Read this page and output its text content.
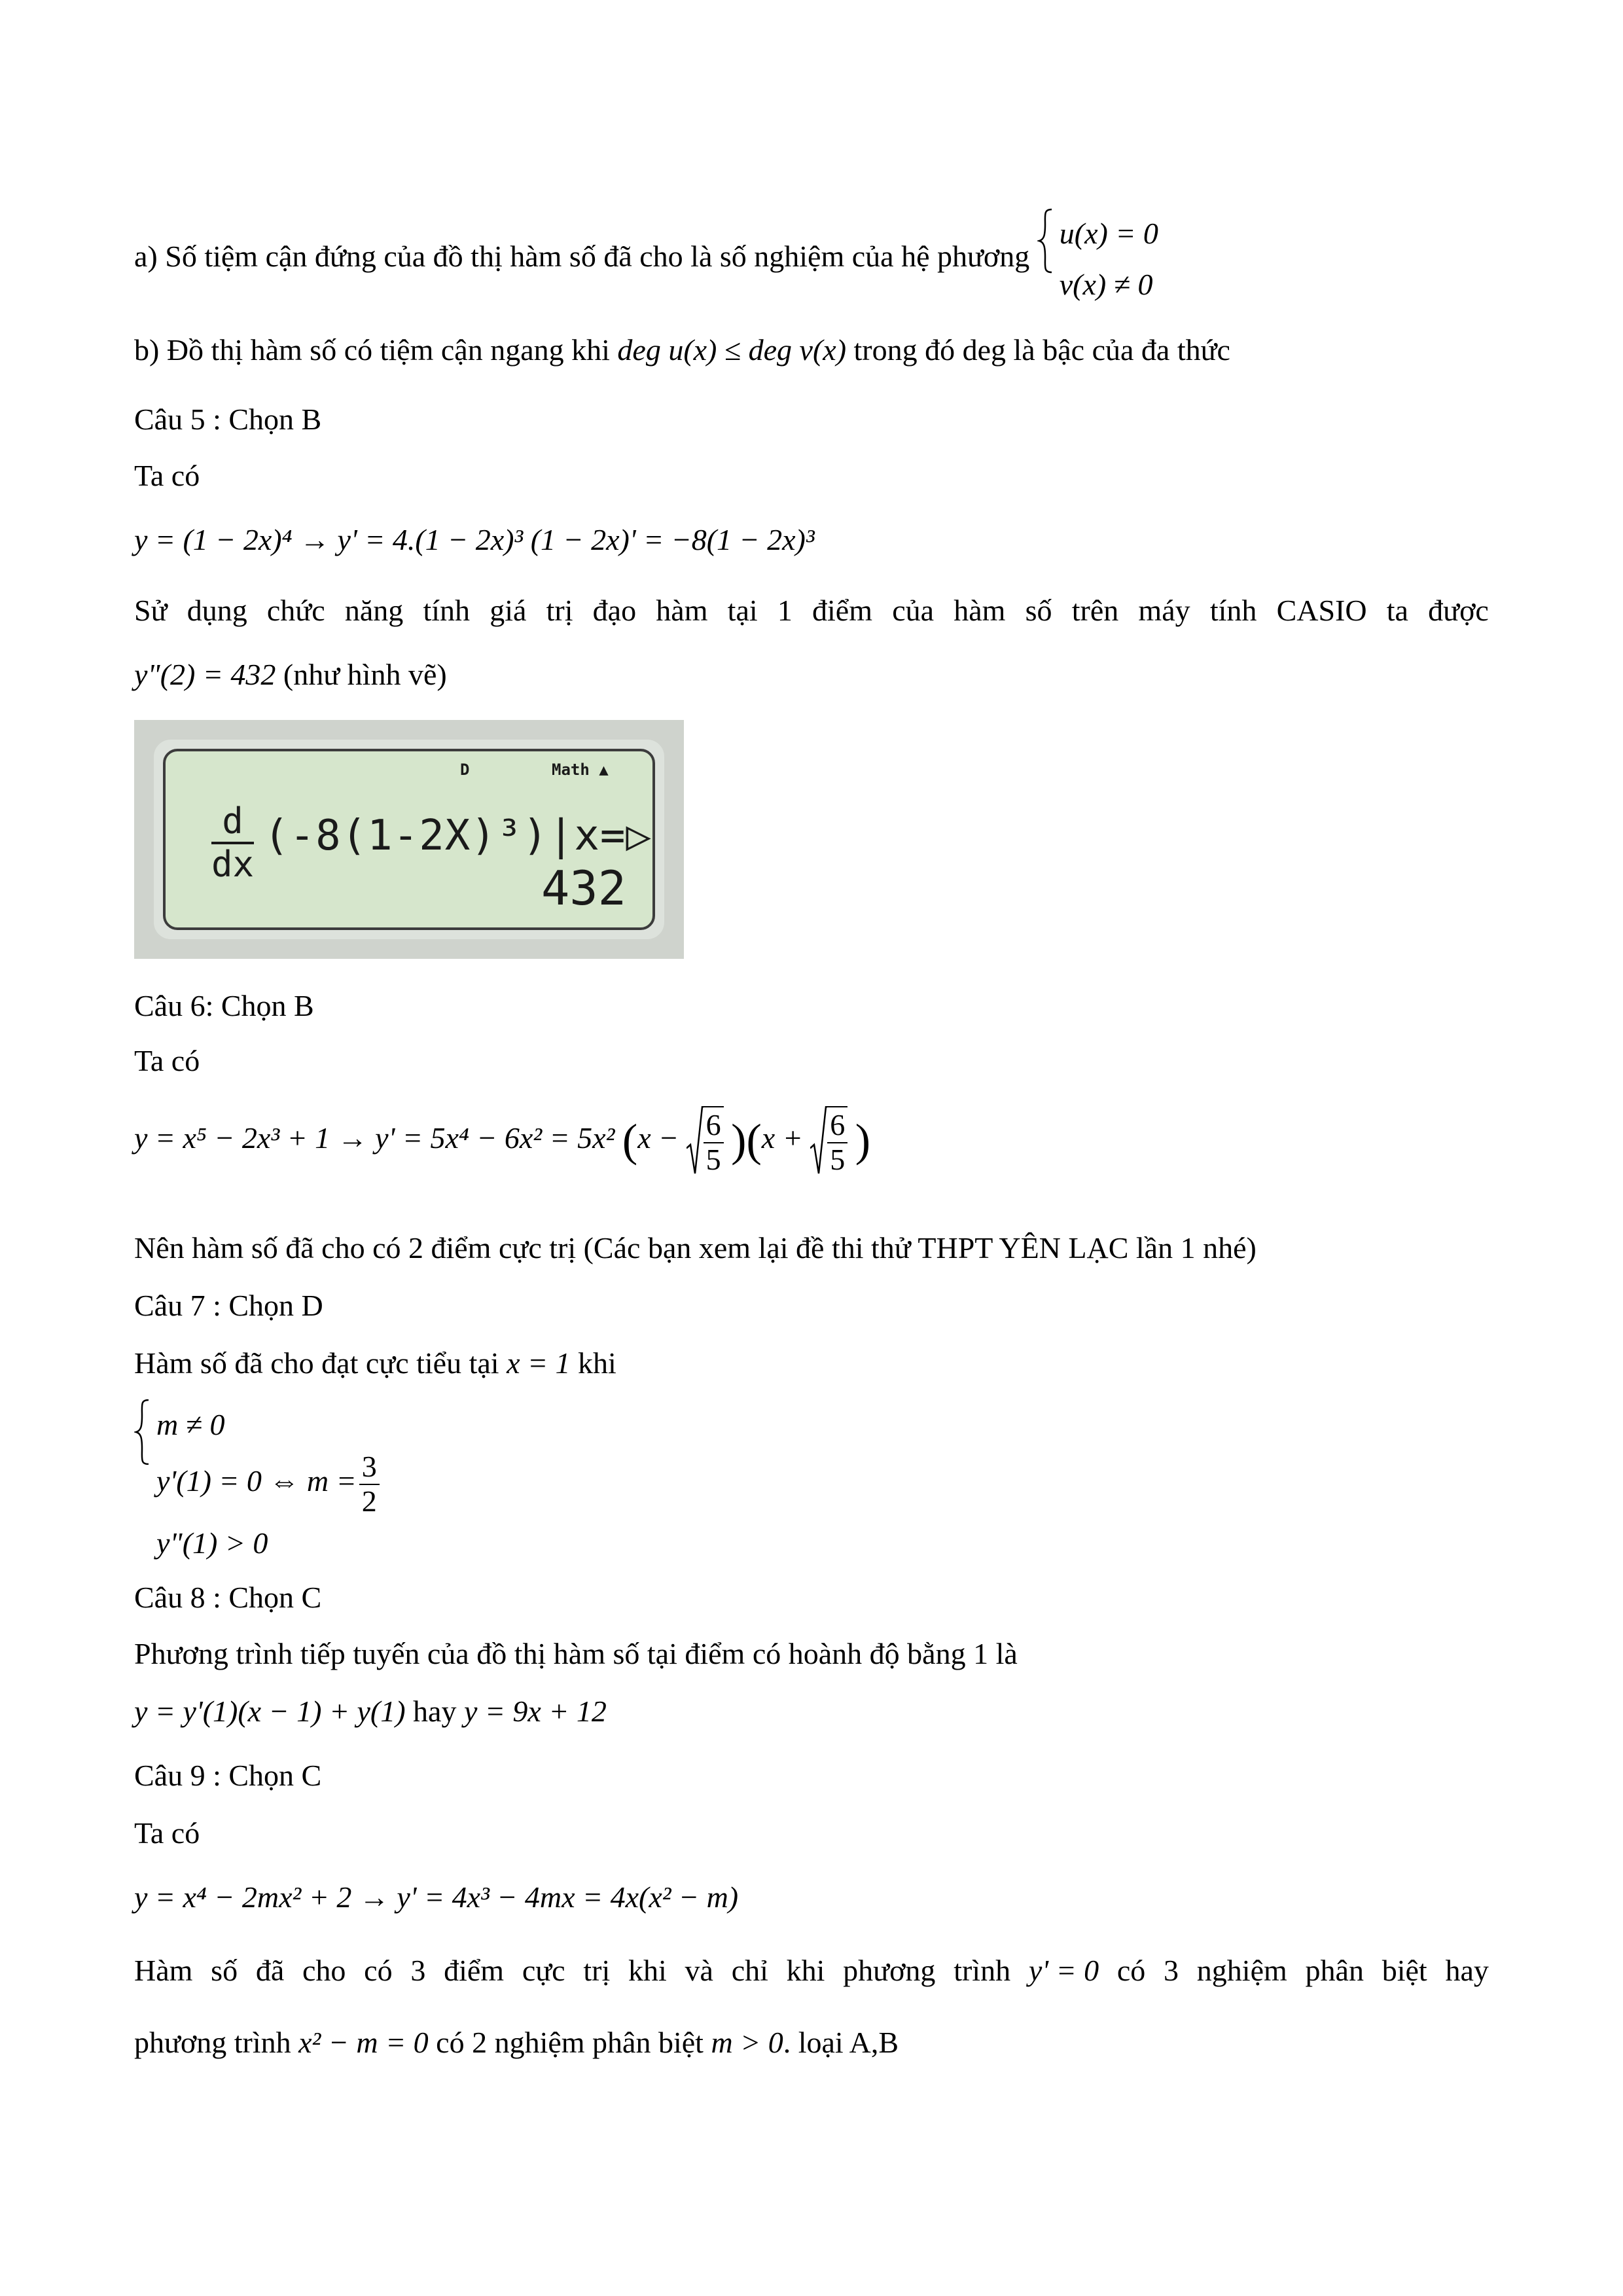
a) Số tiệm cận đứng của đồ thị hàm số đã cho là số nghiệm của hệ phương
u(x) = 0
v(x) ≠ 0
b) Đồ thị hàm số có tiệm cận ngang khi deg u(x) ≤ deg v(x) trong đó deg là bậc của đa thức
Câu 5 : Chọn B
Ta có
y = (1 − 2x)⁴ → y' = 4.(1 − 2x)³ (1 − 2x)' = −8(1 − 2x)³
Sử dụng chức năng tính giá trị đạo hàm tại 1 điểm của hàm số trên máy tính CASIO ta được
y"(2) = 432 (như hình vẽ)
D	Math ▲
$\frac{d}{dx}$ (-8(1-2X)³)|x=▷
432
Câu 6: Chọn B
Ta có
y = x⁵ − 2x³ + 1 → y' = 5x⁴ − 6x² = 5x² $(x - \frac{6}{5} )(x + \frac{6}{5}$ )
Nên hàm số đã cho có 2 điểm cực trị (Các bạn xem lại đề thi thử THPT YÊN LẠC lần 1 nhé)
Câu 7 : Chọn D
Hàm số đã cho đạt cực tiểu tại x = 1 khi
m ≠ 0
y'(1) = 0 ⇔ $m = \frac{3}{2}$
y"(1) > 0
Câu 8 : Chọn C
Phương trình tiếp tuyến của đồ thị hàm số tại điểm có hoành độ bằng 1 là
y = y'(1)(x − 1) + y(1) hay y = 9x + 12
Câu 9 : Chọn C
Ta có
y = x⁴ − 2mx² + 2 → y' = 4x³ − 4mx = 4x(x² − m)
Hàm số đã cho có 3 điểm cực trị khi và chỉ khi phương trình y' = 0 có 3 nghiệm phân biệt hay
phương trình x² − m = 0 có 2 nghiệm phân biệt m > 0. loại A,B
